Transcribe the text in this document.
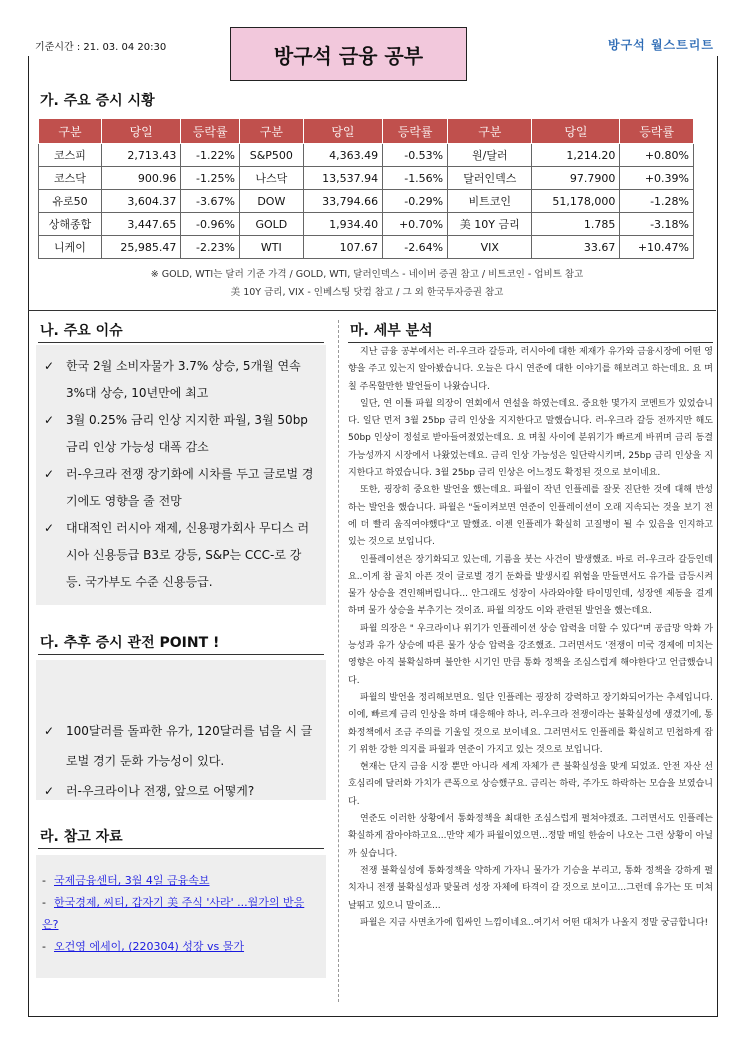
기준시간 : 21. 03. 04 20:30	방구석 월스트리트
방구석 금융 공부
가. 주요 증시 시황
구분	당일	등락률	구분	당일	등락률	구분	당일	등락률
코스피	2,713.43	-1.22%	S&P500	4,363.49	-0.53%	원/달러	1,214.20	+0.80%
코스닥	900.96	-1.25%	나스닥	13,537.94	-1.56%	달러인덱스	97.7900	+0.39%
유로50	3,604.37	-3.67%	DOW	33,794.66	-0.29%	비트코인	51,178,000	-1.28%
상해종합	3,447.65	-0.96%	GOLD	1,934.40	+0.70%	美 10Y 금리	1.785	-3.18%
니케이	25,985.47	-2.23%	WTI	107.67	-2.64%	VIX	33.67	+10.47%
※ GOLD, WTI는 달러 기준 가격 / GOLD, WTI, 달러인덱스 - 네이버 증권 참고 / 비트코인 - 업비트 참고
美 10Y 금리, VIX - 인베스팅 닷컴 참고 / 그 외 한국투자증권 참고
나. 주요 이슈
✓ 한국 2월 소비자물가 3.7% 상승, 5개월 연속 3%대 상승, 10년만에 최고
✓ 3월 0.25% 금리 인상 지지한 파월, 3월 50bp 금리 인상 가능성 대폭 감소
✓ 러-우크라 전쟁 장기화에 시차를 두고 글로벌 경기에도 영향을 줄 전망
✓ 대대적인 러시아 재제, 신용평가회사 무디스 러시아 신용등급 B3로 강등, S&P는 CCC-로 강등. 국가부도 수준 신용등급.
다. 추후 증시 관전 POINT !
✓ 100달러를 돌파한 유가, 120달러를 넘을 시 글로벌 경기 둔화 가능성이 있다.
✓ 러-우크라이나 전쟁, 앞으로 어떻게?
라. 참고 자료
- 국제금융센터, 3월 4일 금융속보
- 한국경제, 씨티, 갑자기 美 주식 '사라' ...월가의 반응은?
- 오건영 에세이, (220304) 성장 vs 물가
마. 세부 분석

지난 금융 공부에서는 러-우크라 갈등과, 러시아에 대한 제재가 유가와 금융시장에 어떤 영향을 주고 있는지 알아봤습니다. 오늘은 다시 연준에 대한 이야기를 해보려고 하는데요. 요 며칠 주목할만한 발언들이 나왔습니다.

일단, 연 이틀 파월 의장이 연회에서 연설을 하였는데요. 중요한 몇가지 코멘트가 있었습니다. 일단 먼저 3월 25bp 금리 인상을 지지한다고 말했습니다. 러-우크라 갈등 전까지만 해도 50bp 인상이 정설로 받아들여졌었는데요. 요 며칠 사이에 분위기가 빠르게 바뀌며 금리 동결 가능성까지 시장에서 나왔었는데요. 금리 인상 가능성은 일단락시키며, 25bp 금리 인상을 지지한다고 하였습니다. 3월 25bp 금리 인상은 어느정도 확정된 것으로 보이네요.

또한, 굉장히 중요한 발언을 했는데요. 파월이 작년 인플레를 잘못 진단한 것에 대해 반성하는 발언을 했습니다. 파월은 "돌이켜보면 연준이 인플레이션이 오래 지속되는 것을 보기 전에 더 빨리 움직여야했다"고 말했죠. 이젠 인플레가 확실히 고질병이 될 수 있음을 인지하고 있는 것으로 보입니다.

인플레이션은 장기화되고 있는데, 기름을 붓는 사건이 발생했죠. 바로 러-우크라 갈등인데요..이게 참 골치 아픈 것이 글로벌 경기 둔화를 발생시킬 위험을 만들면서도 유가를 급등시켜 물가 상승을 견인해버립니다... 안그래도 성장이 사라와야할 타이밍인데, 성장엔 제동을 걸게하며 물가 상승을 부추기는 것이죠. 파월 의장도 이와 관련된 발언을 했는데요.

파월 의장은 " 우크라이나 위기가 인플레이션 상승 압력을 더할 수 있다"며 공급망 악화 가능성과 유가 상승에 따른 물가 상승 압력을 강조했죠. 그러면서도 '전쟁이 미국 경제에 미치는 영향은 아직 불확실하며 불안한 시기인 만큼 통화 정책을 조심스럽게 해야한다'고 언급했습니다.

파월의 발언을 정리해보면요. 일단 인플레는 굉장히 강력하고 장기화되어가는 추세입니다. 이에, 빠르게 금리 인상을 하며 대응해야 하나, 러-우크라 전쟁이라는 불확실성에 생겼기에, 통화정책에서 조금 주의를 기울일 것으로 보이네요. 그러면서도 인플레를 확실히고 민첩하게 잡기 위한 강한 의지를 파월과 연준이 가지고 있는 것으로 보입니다.

현재는 단지 금융 시장 뿐만 아니라 세계 자체가 큰 불확실성을 맞게 되었죠. 안전 자산 선호심리에 달러화 가치가 큰폭으로 상승했구요. 금리는 하락, 주가도 하락하는 모습을 보였습니다.

연준도 이러한 상황에서 통화정책을 최대한 조심스럽게 펼쳐야겠죠. 그러면서도 인플레는 확실하게 잡아야하고요...만약 제가 파월이었으면...정말 매일 한숨이 나오는 그런 상황이 아닐까 싶습니다.

전쟁 불확실성에 통화정책을 약하게 가자니 물가가 기승을 부리고, 통화 정책을 강하게 펼치자니 전쟁 불확실성과 맞물려 성장 자체에 타격이 갈 것으로 보이고...그런데 유가는 또 미쳐 날뛰고 있으니 말이죠...

파월은 지금 사면초가에 힙싸인 느낌이네요..여기서 어떤 대처가 나올지 정말 궁금합니다!
